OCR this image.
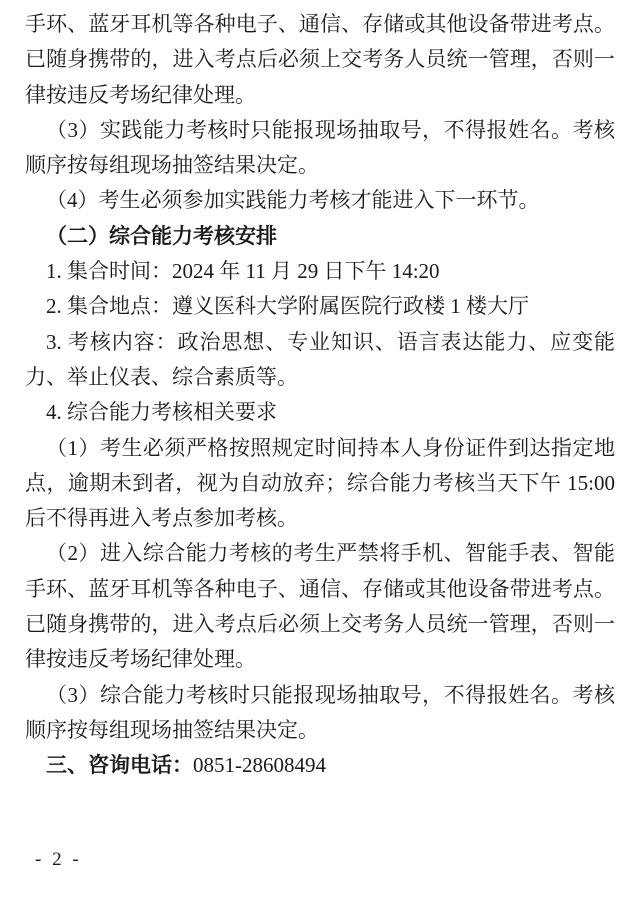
手环、蓝牙耳机等各种电子、通信、存储或其他设备带进考点。
已随身携带的，进入考点后必须上交考务人员统一管理，否则一
律按违反考场纪律处理。
（3）实践能力考核时只能报现场抽取号，不得报姓名。考核
顺序按每组现场抽签结果决定。
（4）考生必须参加实践能力考核才能进入下一环节。
（二）综合能力考核安排
1. 集合时间：2024 年 11 月 29 日下午 14:20
2. 集合地点：遵义医科大学附属医院行政楼 1 楼大厅
3. 考核内容：政治思想、专业知识、语言表达能力、应变能
力、举止仪表、综合素质等。
4. 综合能力考核相关要求
（1）考生必须严格按照规定时间持本人身份证件到达指定地
点，逾期未到者，视为自动放弃；综合能力考核当天下午 15:00
后不得再进入考点参加考核。
（2）进入综合能力考核的考生严禁将手机、智能手表、智能
手环、蓝牙耳机等各种电子、通信、存储或其他设备带进考点。
已随身携带的，进入考点后必须上交考务人员统一管理，否则一
律按违反考场纪律处理。
（3）综合能力考核时只能报现场抽取号，不得报姓名。考核
顺序按每组现场抽签结果决定。
三、咨询电话：0851-28608494
- 2 -
